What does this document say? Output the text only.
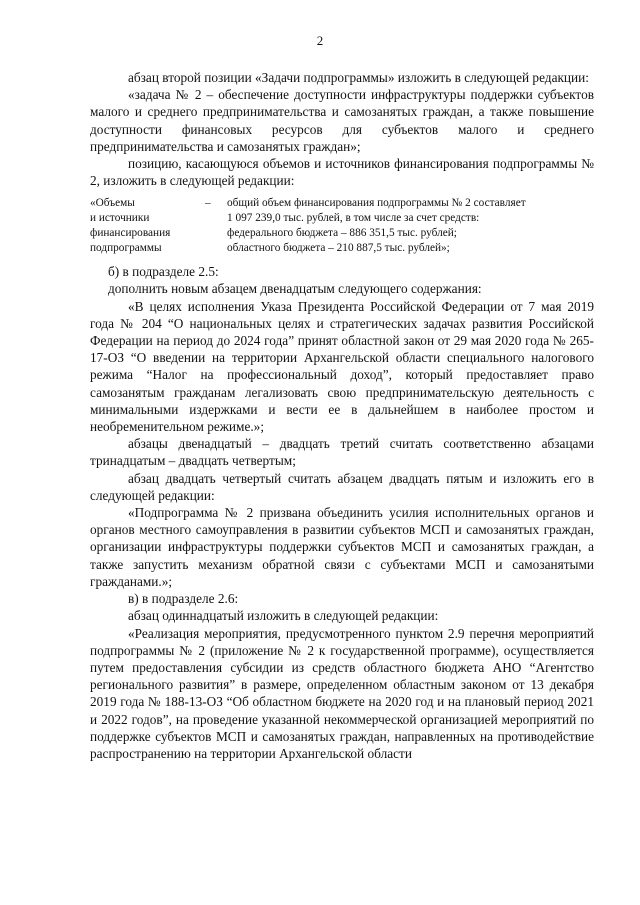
2

абзац второй позиции «Задачи подпрограммы» изложить в следующей редакции:

«задача № 2 – обеспечение доступности инфраструктуры поддержки субъектов малого и среднего предпринимательства и самозанятых граждан, а также повышение доступности финансовых ресурсов для субъектов малого и среднего предпринимательства и самозанятых граждан»;

позицию, касающуюся объемов и источников финансирования подпрограммы № 2, изложить в следующей редакции:

«Объемы
и источники
финансирования
подпрограммы
–	общий объем финансирования подпрограммы № 2 составляет
1 097 239,0 тыс. рублей, в том числе за счет средств:
федерального бюджета – 886 351,5 тыс. рублей;
областного бюджета – 210 887,5 тыс. рублей»;

б) в подразделе 2.5:

дополнить новым абзацем двенадцатым следующего содержания:

«В целях исполнения Указа Президента Российской Федерации от 7 мая 2019 года № 204 “О национальных целях и стратегических задачах развития Российской Федерации на период до 2024 года” принят областной закон от 29 мая 2020 года № 265-17-ОЗ “О введении на территории Архангельской области специального налогового режима “Налог на профессиональный доход”, который предоставляет право самозанятым гражданам легализовать свою предпринимательскую деятельность с минимальными издержками и вести ее в дальнейшем в наиболее простом и необременительном режиме.»;

абзацы двенадцатый – двадцать третий считать соответственно абзацами тринадцатым – двадцать четвертым;

абзац двадцать четвертый считать абзацем двадцать пятым и изложить его в следующей редакции:

«Подпрограмма № 2 призвана объединить усилия исполнительных органов и органов местного самоуправления в развитии субъектов МСП и самозанятых граждан, организации инфраструктуры поддержки субъектов МСП и самозанятых граждан, а также запустить механизм обратной связи с субъектами МСП и самозанятыми гражданами.»;

в) в подразделе 2.6:

абзац одиннадцатый изложить в следующей редакции:

«Реализация мероприятия, предусмотренного пунктом 2.9 перечня мероприятий подпрограммы № 2 (приложение № 2 к государственной программе), осуществляется путем предоставления субсидии из средств областного бюджета АНО “Агентство регионального развития” в размере, определенном областным законом от 13 декабря 2019 года № 188-13-ОЗ “Об областном бюджете на 2020 год и на плановый период 2021 и 2022 годов”, на проведение указанной некоммерческой организацией мероприятий по поддержке субъектов МСП и самозанятых граждан, направленных на противодействие распространению на территории Архангельской области
